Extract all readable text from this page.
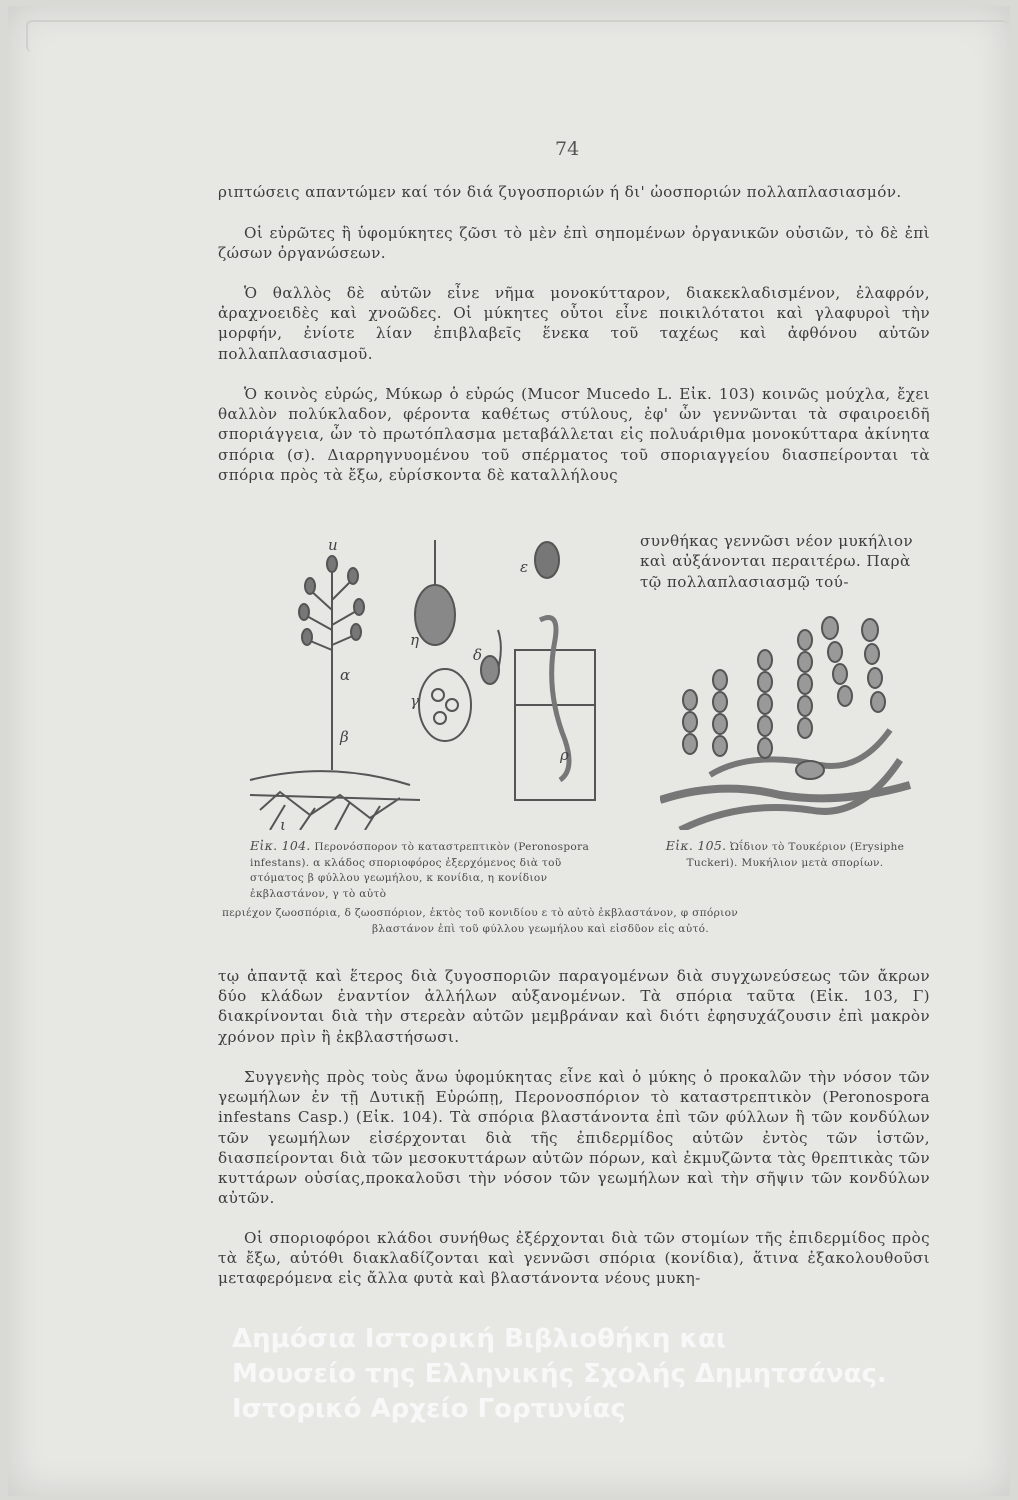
74

ριπτώσεις απαντώμεν καί τόν διά ζυγοσποριών ή δι' ὠοσποριών πολλαπλασιασμόν.

Οἱ εὐρῶτες ἢ ὑφομύκητες ζῶσι τὸ μὲν ἐπὶ σηπομένων ὀργανικῶν οὐσιῶν, τὸ δὲ ἐπὶ ζώσων ὀργανώσεων.

Ὁ θαλλὸς δὲ αὐτῶν εἶνε νῆμα μονοκύτταρον, διακεκλαδισμένον, ἐλαφρόν, ἀραχνοειδὲς καὶ χνοῶδες. Οἱ μύκητες οὗτοι εἶνε ποικιλότατοι καὶ γλαφυροὶ τὴν μορφήν, ἐνίοτε λίαν ἐπιβλαβεῖς ἕνεκα τοῦ ταχέως καὶ ἀφθόνου αὐτῶν πολλαπλασιασμοῦ.

Ὁ κοινὸς εὐρώς, Μύκωρ ὁ εὐρώς (Mucor Mucedo L. Εἰκ. 103) κοινῶς μούχλα, ἔχει θαλλὸν πολύκλαδον, φέροντα καθέτως στύλους, ἐφ' ὧν γεννῶνται τὰ σφαιροειδῆ σποριάγγεια, ὧν τὸ πρωτόπλασμα μεταβάλλεται εἰς πολυάριθμα μονοκύτταρα ἀκίνητα σπόρια (σ). Διαρρηγνυομένου τοῦ σπέρματος τοῦ σποριαγγείου διασπείρονται τὰ σπόρια πρὸς τὰ ἔξω, εὑρίσκοντα δὲ καταλλήλους

συνθήκας γεννῶσι νέον μυκήλιον καὶ αὐξάνονται περαιτέρω. Παρὰ τῷ πολλαπλασιασμῷ τού-

u
α
β
ι
η
δ
γ
ε
ρ

Εἰκ. 104. Περονόσπορον τὸ καταστρεπτικὸν (Peronospora infestans). α κλάδος σποριοφόρος ἐξερχόμενος διὰ τοῦ στόματος β φύλλου γεωμήλου, κ κονίδια, η κονίδιον ἐκβλαστάνον, γ τὸ αὐτὸ

περιέχον ζωοσπόρια, δ ζωοσπόριον, ἐκτὸς τοῦ κονιδίου ε τὸ αὐτὸ ἐκβλαστάνον, φ σπόριον

βλαστάνον ἐπὶ τοῦ φύλλου γεωμήλου καὶ εἰσδῦον εἰς αὐτό.

Εἰκ. 105. Ὠΐδιον τὸ Τουκέριον (Erysiphe Tuckeri). Μυκήλιον μετὰ σπορίων.

τῳ ἀπαντᾷ καὶ ἕτερος διὰ ζυγοσποριῶν παραγομένων διὰ συγχωνεύσεως τῶν ἄκρων δύο κλάδων ἐναντίον ἀλλήλων αὐξανομένων. Τὰ σπόρια ταῦτα (Εἰκ. 103, Γ) διακρίνονται διὰ τὴν στερεὰν αὐτῶν μεμβράναν καὶ διότι ἐφησυχάζουσιν ἐπὶ μακρὸν χρόνον πρὶν ἢ ἐκβλαστήσωσι.

Συγγενὴς πρὸς τοὺς ἄνω ὑφομύκητας εἶνε καὶ ὁ μύκης ὁ προκαλῶν τὴν νόσον τῶν γεωμήλων ἐν τῇ Δυτικῇ Εὐρώπῃ, Περονοσπόριον τὸ καταστρεπτικὸν (Peronospora infestans Casp.) (Εἰκ. 104). Τὰ σπόρια βλαστάνοντα ἐπὶ τῶν φύλλων ἢ τῶν κονδύλων τῶν γεωμήλων εἰσέρχονται διὰ τῆς ἐπιδερμίδος αὐτῶν ἐντὸς τῶν ἱστῶν, διασπείρονται διὰ τῶν μεσοκυττάρων αὐτῶν πόρων, καὶ ἐκμυζῶντα τὰς θρεπτικὰς τῶν κυττάρων οὐσίας,προκαλοῦσι τὴν νόσον τῶν γεωμήλων καὶ τὴν σῆψιν τῶν κονδύλων αὐτῶν.

Οἱ σποριοφόροι κλάδοι συνήθως ἐξέρχονται διὰ τῶν στομίων τῆς ἐπιδερμίδος πρὸς τὰ ἔξω, αὐτόθι διακλαδίζονται καὶ γεννῶσι σπόρια (κονίδια), ἅτινα ἐξακολουθοῦσι μεταφερόμενα εἰς ἄλλα φυτὰ καὶ βλαστάνοντα νέους μυκη-

Δημόσια Ιστορική Βιβλιοθήκη και
Μουσείο της Ελληνικής Σχολής Δημητσάνας.
Ιστορικό Αρχείο Γορτυνίας
